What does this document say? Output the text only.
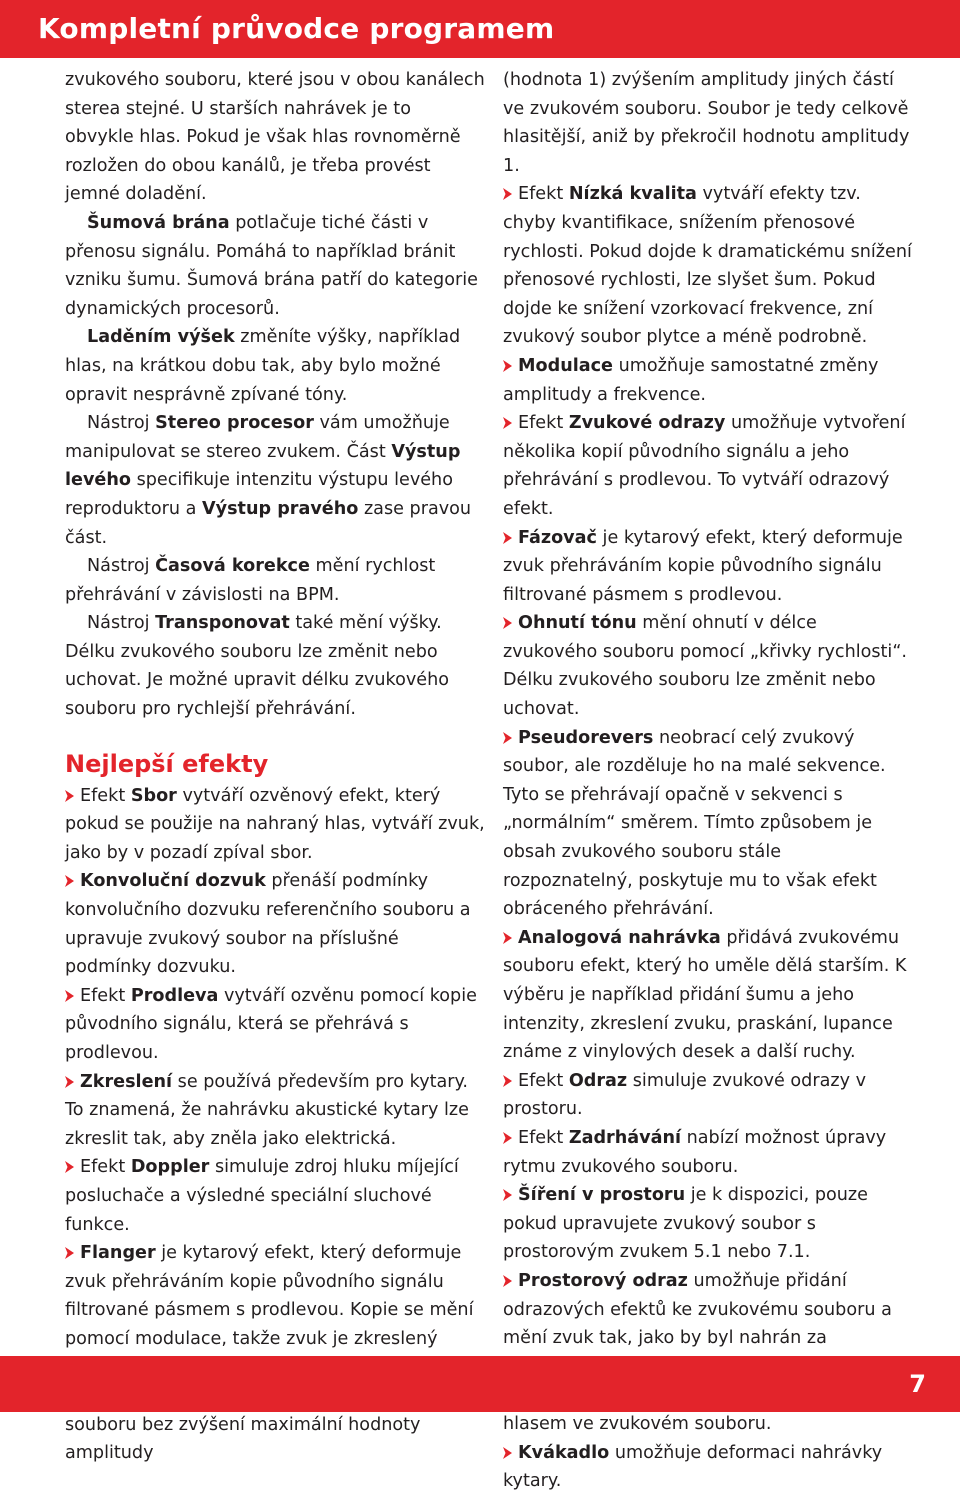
Kompletní průvodce programem

zvukového souboru, které jsou v obou kanálech sterea stejné. U starších nahrávek je to obvykle hlas. Pokud je však hlas rovnoměrně rozložen do obou kanálů, je třeba provést jemné doladění.

Šumová brána potlačuje tiché části v přenosu signálu. Pomáhá to například bránit vzniku šumu. Šumová brána patří do kategorie dynamických procesorů.

Laděním výšek změníte výšky, například hlas, na krátkou dobu tak, aby bylo možné opravit nesprávně zpívané tóny.

Nástroj Stereo procesor vám umožňuje manipulovat se stereo zvukem. Část Výstup levého specifikuje intenzitu výstupu levého reproduktoru a Výstup pravého zase pravou část.

Nástroj Časová korekce mění rychlost přehrávání v závislosti na BPM.

Nástroj Transponovat také mění výšky. Délku zvukového souboru lze změnit nebo uchovat. Je možné upravit délku zvukového souboru pro rychlejší přehrávání.

Nejlepší efekty

Efekt Sbor vytváří ozvěnový efekt, který pokud se použije na nahraný hlas, vytváří zvuk, jako by v pozadí zpíval sbor.

Konvoluční dozvuk přenáší podmínky konvolučního dozvuku referenčního souboru a upravuje zvukový soubor na příslušné podmínky dozvuku.

Efekt Prodleva vytváří ozvěnu pomocí kopie původního signálu, která se přehrává s prodlevou.

Zkreslení se používá především pro kytary. To znamená, že nahrávku akustické kytary lze zkreslit tak, aby zněla jako elektrická.

Efekt Doppler simuluje zdroj hluku míjející posluchače a výsledné speciální sluchové funkce.

Flanger je kytarový efekt, který deformuje zvuk přehráváním kopie původního signálu filtrované pásmem s prodlevou. Kopie se mění pomocí modulace, takže zvuk je zkreslený

souboru bez zvýšení maximální hodnoty amplitudy

(hodnota 1) zvýšením amplitudy jiných částí ve zvukovém souboru. Soubor je tedy celkově hlasitější, aniž by překročil hodnotu amplitudy 1.

Efekt Nízká kvalita vytváří efekty tzv. chyby kvantifikace, snížením přenosové rychlosti. Pokud dojde k dramatickému snížení přenosové rychlosti, lze slyšet šum. Pokud dojde ke snížení vzorkovací frekvence, zní zvukový soubor plytce a méně podrobně.

Modulace umožňuje samostatné změny amplitudy a frekvence.

Efekt Zvukové odrazy umožňuje vytvoření několika kopií původního signálu a jeho přehrávání s prodlevou. To vytváří odrazový efekt.

Fázovač je kytarový efekt, který deformuje zvuk přehráváním kopie původního signálu filtrované pásmem s prodlevou.

Ohnutí tónu mění ohnutí v délce zvukového souboru pomocí „křivky rychlosti“. Délku zvukového souboru lze změnit nebo uchovat.

Pseudorevers neobrací celý zvukový soubor, ale rozděluje ho na malé sekvence. Tyto se přehrávají opačně v sekvenci s „normálním“ směrem. Tímto způsobem je obsah zvukového souboru stále rozpoznatelný, poskytuje mu to však efekt obráceného přehrávání.

Analogová nahrávka přidává zvukovému souboru efekt, který ho uměle dělá starším. K výběru je například přidání šumu a jeho intenzity, zkreslení zvuku, praskání, lupance známe z vinylových desek a další ruchy.

Efekt Odraz simuluje zvukové odrazy v prostoru.

Efekt Zadrhávání nabízí možnost úpravy rytmu zvukového souboru.

Šíření v prostoru je k dispozici, pouze pokud upravujete zvukový soubor s prostorovým zvukem 5.1 nebo 7.1.

Prostorový odraz umožňuje přidání odrazových efektů ke zvukovému souboru a mění zvuk tak, jako by byl nahrán za

hlasem ve zvukovém souboru.

Kvákadlo umožňuje deformaci nahrávky kytary.

7
